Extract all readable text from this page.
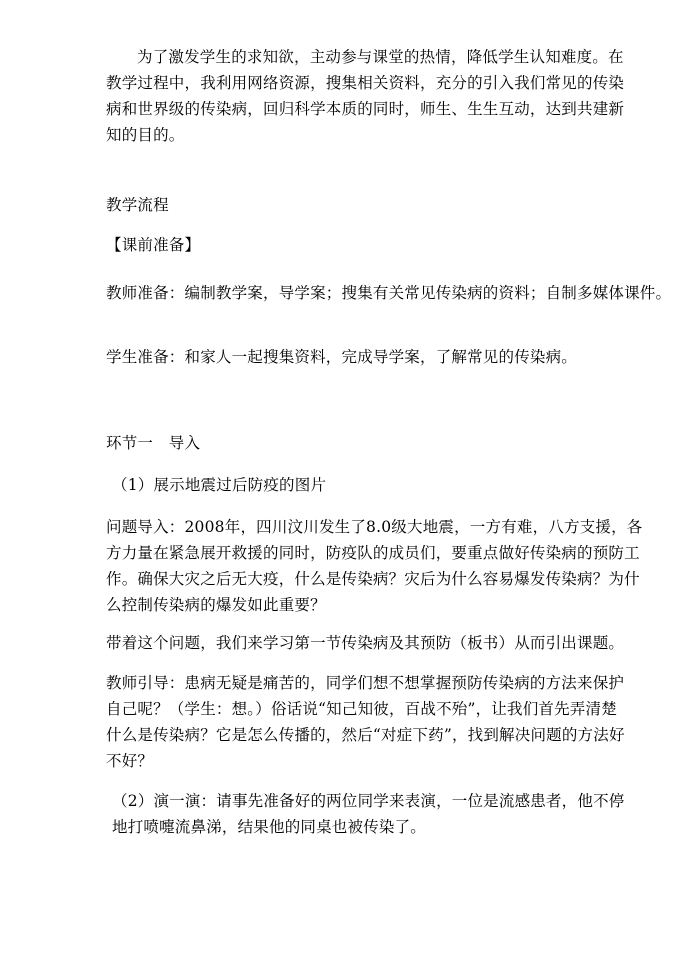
为了激发学生的求知欲，主动参与课堂的热情，降低学生认知难度。在教学过程中，我利用网络资源，搜集相关资料，充分的引入我们常见的传染病和世界级的传染病，回归科学本质的同时，师生、生生互动，达到共建新知的目的。

教学流程

【课前准备】

教师准备：编制教学案，导学案；搜集有关常见传染病的资料；自制多媒体课件。

学生准备：和家人一起搜集资料，完成导学案，了解常见的传染病。

环节一　导入

（1）展示地震过后防疫的图片

问题导入：2008年，四川汶川发生了8.0级大地震，一方有难，八方支援，各方力量在紧急展开救援的同时，防疫队的成员们，要重点做好传染病的预防工作。确保大灾之后无大疫，什么是传染病？灾后为什么容易爆发传染病？为什么控制传染病的爆发如此重要？

带着这个问题，我们来学习第一节传染病及其预防（板书）从而引出课题。

教师引导：患病无疑是痛苦的，同学们想不想掌握预防传染病的方法来保护自己呢？（学生：想。）俗话说“知己知彼，百战不殆”，让我们首先弄清楚什么是传染病？它是怎么传播的，然后“对症下药”，找到解决问题的方法好不好？

（2）演一演：请事先准备好的两位同学来表演，一位是流感患者，他不停地打喷嚏流鼻涕，结果他的同桌也被传染了。
